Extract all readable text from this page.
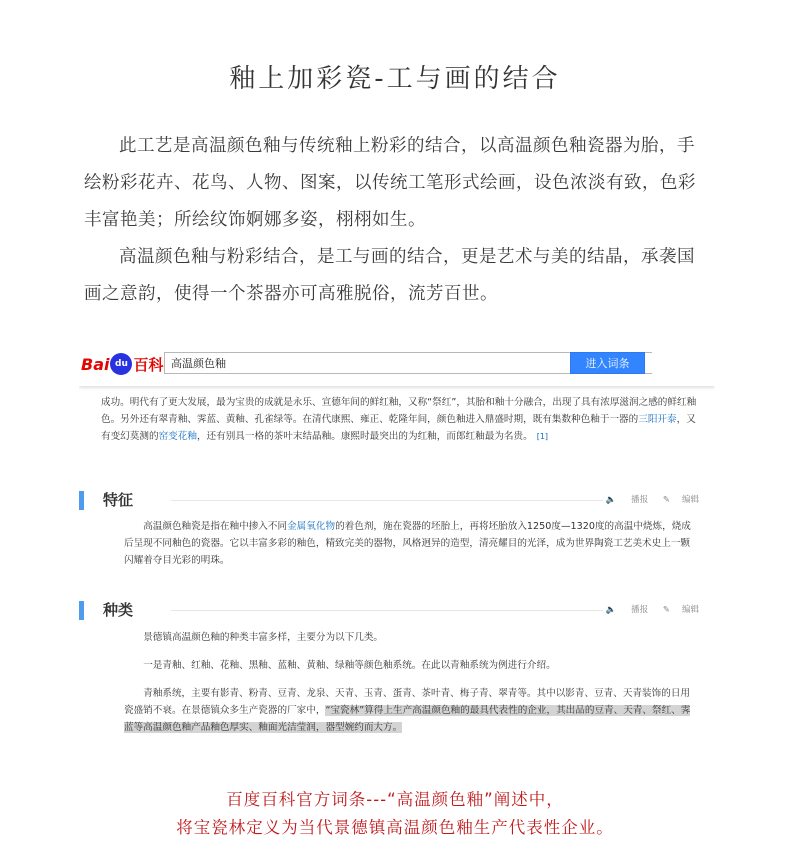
釉上加彩瓷-工与画的结合

此工艺是高温颜色釉与传统釉上粉彩的结合，以高温颜色釉瓷器为胎，手绘粉彩花卉、花鸟、人物、图案，以传统工笔形式绘画，设色浓淡有致，色彩丰富艳美；所绘纹饰婀娜多姿，栩栩如生。

高温颜色釉与粉彩结合，是工与画的结合，更是艺术与美的结晶，承袭国画之意韵，使得一个茶器亦可高雅脱俗，流芳百世。

Bai du 百科 高温颜色釉	进入词条

成功。明代有了更大发展，最为宝贵的成就是永乐、宣德年间的鲜红釉，又称“祭红”，其胎和釉十分融合，出现了具有浓厚滋润之感的鲜红釉色。另外还有翠青釉、霁蓝、黄釉、孔雀绿等。在清代康熙、雍正、乾隆年间，颜色釉进入鼎盛时期，既有集数种色釉于一器的三阳开泰，又有变幻莫测的窑变花釉，还有别具一格的茶叶末结晶釉。康熙时最突出的为红釉，而郎红釉最为名贵。 [1]

特征	🔈 播报 ✎ 编辑

高温颜色釉瓷是指在釉中掺入不同金属氧化物的着色剂，施在瓷器的坯胎上，再将坯胎放入1250度—1320度的高温中烧炼，烧成后呈现不同釉色的瓷器。它以丰富多彩的釉色，精致完美的器物，风格迥异的造型，清亮耀目的光泽，成为世界陶瓷工艺美术史上一颗闪耀着夺目光彩的明珠。

种类	🔈 播报 ✎ 编辑

景德镇高温颜色釉的种类丰富多样，主要分为以下几类。

一是青釉、红釉、花釉、黑釉、蓝釉、黄釉、绿釉等颜色釉系统。在此以青釉系统为例进行介绍。

青釉系统，主要有影青、粉青、豆青、龙泉、天青、玉青、蛋青、茶叶青、梅子青、翠青等。其中以影青、豆青、天青装饰的日用瓷盛销不衰。在景德镇众多生产瓷器的厂家中，“宝瓷林”算得上生产高温颜色釉的最具代表性的企业，其出品的豆青、天青、祭红、霁蓝等高温颜色釉产品釉色厚实、釉面光洁莹润，器型婉约而大方。

百度百科官方词条---“高温颜色釉”阐述中，
将宝瓷林定义为当代景德镇高温颜色釉生产代表性企业。
